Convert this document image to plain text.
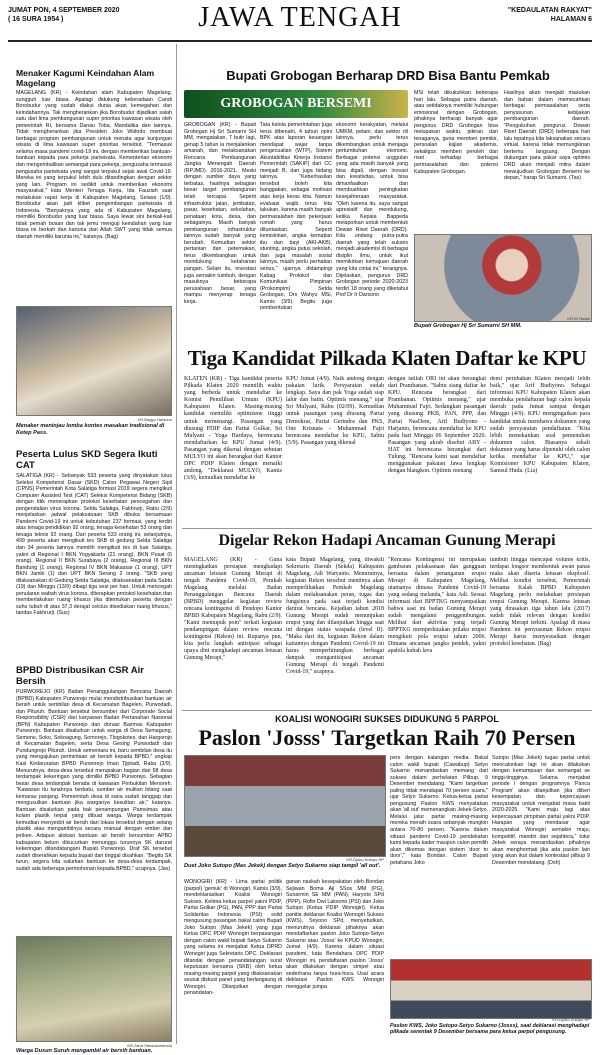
JUMAT PON, 4 SEPTEMBER 2020
( 16 SURA 1954 )	JAWA TENGAH	"KEDAULATAN RAKYAT"
HALAMAN 6
Menaker Kagumi Keindahan Alam Magelang
MAGELANG (KR) - Keindahan alam Kabupaten Magelang, sungguh luar biasa. Apalagi didukung keberadaan Candi Borobudur yang sudah diakui dunia akan kemegahan dan keindahannya. Tak mengherankan jika Borobudur dijadikan salah satu dari lima pembangunan super prioritas kawasan wisata oleh pemerintah RI, bersama Danau Toba, Mandalika dan lainnya. Tidak mengherankan jika Presiden Joko Widodo membuat berbagai program pembangunan untuk menata agar kunjungan wisata di lima kawasan super prioritas tersebut. "Termasuk selama masa pandemi covid-19 ini, dengan memberikan bantuan-bantuan kepada para pekerja pariwisata. Kementerian ekonomi dan mengembalikan semangat para pekerja, pengusaha termasuk pengusaha pariwisata yang sangat terpukul sejak awal Covid-19. Mereka ini yang terpukul lebih dulu ditandingkan dengan sektor yang lain. Program ini sedikit untuk memberikan ekonomi masyarakat," kata Menteri Tenaga Kerja, Ida Fauziah saat melakukan rapat kerja di Kabupaten Magelang, Selasa (1/9). Borobudur akan jadi klibet pengembangan pariwisata di Indonesia. "Banyaknya yang ada di Kabupaten Magelang, memiliki Borobudur yang luar biasa. Saya lewat sini berkali-kali tidak pernah bosan dan tak jemu menguji keindahan yang luar biasa ini berkah dan karunia dari Allah SWT yang tidak semua daerah memiliki karunia ini," katanya. (Bag)
KR-Bagyo Harsono
Menaker meninjau lomba kontes masakan tradisional di Ketep Pass.
Peserta Lulus SKD Segera Ikuti CAT
SALATIGA (KR) - Sebanyak 533 peserta yang dinyatakan lulus Seleksi Kompetensi Dasar (SKD) Calon Pegawai Negeri Sipil (CPNS) Pemerintah Kota Salatiga formasi 2019 segera mengikuti Computer Assisted Test (CAT) Seleksi Kompetensi Bidang (SKB) dengan titik menerapkan protokol kesehatan pencegahan dan pengendalian virus korona. Selda Salatiga, Fakhrurji, Rabu (2/9) menjelaskan jadwal pelaksanaan SKB dibuka bersamaan Pandemi Covid-19 ini untuk kebutuhan 237 formasi, yang terdiri atas tenaga pendidikan 92 orang, tenaga kesehatan 53 orang dan tenaga teknis 92 orang. Dari peserta 533 orang ini, selanjutnya, 499 peserta akan mengikuti tes SKB di gedung Selda Salatiga dan 34 peserta lainnya memilih mengikuti tes di luar Salatiga, yakni di Regional I BKN Yogyakarta (21 orang), BKN Pusat (6 orang), Regional II BKN Surabaya (2 orang), Regional III BKN Bandung (1 orang), Regional IV BKN Makassar (1 orang), UPT BKN Jambi (1) dan UPT BKN Serang 2 orang. "SKB yang dilaksanakan di Gedung Selda Salatiga, dilaksanakan pada Sabtu (19) dan Minggu (13/9) dibagi tiga sesi per hari. Untuk mencegah penularan wabah virus korona, diterapkan protokol kesehatan dan memberlakukan ruang khusus jika ditemukan peserta dengan suhu tubuh di atas 37,3 derajat celcius disediakan ruang khusus," tandas Fakhrurji. (Sus)
BPBD Distribusikan CSR Air Bersih
PURWOREJO (KR) Badan Penanggulangan Bencana Daerah (BPBD) Kabupaten Purworejo mulai mendistribusikan bantuan air bersih untuk sembilan desa di Kecamatan Bagelen, Purwodadi, dan Pituruh. Bantuan tersebut bersumber dari Corporate Social Responsibility (CSR) dari karyawan Badan Pertanahan Nasional (BPN) Kabupaten Purworejo dan donasi Bazmas Kabupaten Purworejo. Bantuan disalurkan untuk warga di Desa Semagung, Semono, Soko, Sokoagung, Somorejo, Tlogokotes, dan Hargorojo di Kecamatan Bagelen, serta Desa Gesing Purwodadi dan Pundungrejo Pituruh. Untuk sementara ini, baru sembilan desa itu yang mengajukan permintaan air bersih kepada BPBD," ungkap Kasi Kedaruratan BPBD Purworejo Iman Tjiptadi, Rabu (3/9). Menurutnya, desa-desa tersebut merupakan bagian dari 68 desa terdampak kekeringan yang dimiliki BPBD Purworejo. Sebagian besar desa terdampak berada di kawasan Perbukitan Menoreh. "Kawasan itu tanahnya berbatu, sumber air mulitan hilang saat kemarau panjang. Pemerintah desa di sana sudah tanggap dan mengusulkan bantuan jika warganya kesulitan air," katanya. Bantuan disalurkan pada bak penampungan Pamsimas atau kolam plastik terpal yang dibuat warga. Warga terdampak kemudian menyedot air bersih dari lokasi tersebut dengan selang plastik atau mengambilnya secara manual dengan ember dan jeriken. Adapun alokasi bantuan air bersih bersumber APBD kabupaten belum dikucurkan menunggu turunnya SK darurat kekeringan ditandatangani Bupati Purworejo. Draf SK tersebut sudah diserahkan kepada bupati dan tinggal disahkan. "Begitu SK turun, segera kita salurkan bantuan ke desa-desa terdampak, sudah ada beberapa permohonan kepada BPBD," ucapnya. (Jas)
KR-Jarot Sarwosambodo
Warga Dusun Suruh mengambil air bersih bantuan.
Bupati Grobogan Berharap DRD Bisa Bantu Pemkab
GROBOGAN BERSEMI
GROBOGAN (KR) - Bupati Grobogan Hj Sri Sumarni SH MM, mengatakan, 7 butir lagi, genap 5 tahun ia menjalankan amanah, dan melaksanakan Rencana Pembangunan Jangka Menengah Daerah (RPJMD) 2016-2021. Meski dengan sumber daya yang terbatas, hasilnya sebagian besar target pembangunan telah tercapai. Seperti infrastruktur jalan, jembatan, pasar, kesehatan, sekolahan, penataan kota, desa, dan sebagainya. Masih banyak pembangunan infrastruktur lainnya sudah banyak yang berubah. Kemudian sektor pertanian dan peternakan, terus dikembangkan untuk mendukung ketahanan pangan. Selain itu, investasi juga semakin tumbuh, dengan masuknya beberapa perusahaan besar, yang mampu menyerap tenaga kerja.
Tata kelola pemerintahan juga terus dibenahi, 4 tahun opini BPK atas laporan keuangan mendapat wajar tanpa pengecualian (WTP), Sistem Akuntabilitas Kinerja Instansi Pemerintah (SAKIP) dari CC menjadi B, dan juga bidang lainnya. "Keberhasilan tersebut boleh kita banggakan, sebagai motivasi atas kerja keras kita. Namun evaluasi wajib terus kita lakukan, karena masih banyak permasalahan dan pekerjaan rumah yang harus dituntaskan. Seperti kemiskinan, angka kematian ibu dan bayi (AKI-AKB), stunting, angka putus sekolah, dan juga masalah sosial lainnya, masih perlu perhatian serius," ujarnya didampingi Kabag Protokol dan Komunikasi Pimpinan (Prokompim) Setda Grobogan, Drs Wahyu MSi, Kamis (3/9). Begitu juga pembentukan
ekonomi kerakyatan, melalui UMKM, petani, dan sektor riil lainnya, perlu terus dikembangkan untuk menjaga pertumbuhan ekonomi. Berbagai potensi unggulan yang ada masih banyak yang bisa digali, dengan inovasi dan kreativitas, untuk bisa dimanfaatkan dan membuahkan peningkatan kesejahteraan masyarakat. "Oleh karena itu, saya sangat apresiatif dan mendukung, ketika Kepala Bappeda melaporkan untuk membentuk Dewan Riset Daerah (DRD). Kita undang putra-putra daerah yang telah sukses menjadi akademisi di berbagai disiplin ilmu, untuk ikut memikirkan kemajuan daerah yang kita cintai ini," terangnya. Dijelaskan, pengurus DRD Grobogan periode 2020-2023 terdiri 18 orang yang diketahui Prof Dr Ir Darsono
MSi telah dikukuhkan beberapa hari lalu. Sebagai putra daerah, atau setidaknya memiliki hubungan emosional dengan Grobogan, pihaknya berharap banyak agar pengurus DRD Grobogan bisa melupakan waktu, pikiran dan tenaganya, guna memberi pemikir, persoalan kajian akademis, sekaligus memberi peroleh dan riset terhadap berbagai permasalahan dan potensi Kabupaten Grobogan.
Hasilnya akan menjadi masukan dan bahan dalam memecahkan berbagai permasalahan serta penyusunan kebijakan pembangunan daerah. "Pengukuhan pengurus Dewan Riset Daerah (DRD) beberapa hari lalu tepatnya kita laksanakan secara virtual, karena tidak memungkinan bertemu langsung. Dengan dukungan para pakar saya optimis DRD akan menjadi mitra dalam mewujudkan Grobogan Bersemi ke depan," harap Sri Sumarni. (Tas)
Bupati Grobogan Hj Sri Sumarni SH MM.
KR-M Taslim
Tiga Kandidat Pilkada Klaten Daftar ke KPU
KLATEN (KR) - Tiga kandidat peserta Pilkada Klaten 2020 memilih waktu yang berbeda untuk mendaftar ke Komisi Pemilihan Umum (KPU) Kabupaten Klaten. Masing-masing kandidat memiliki optimisme tinggi untuk memenangi. Pasangan yang diusung PDIP dan Partai Golkar, Sri Mulyani - Yoga Hardaya, berencana mendaftarkan ke KPU Jumat (4/9). Pasangan yang dikenal dengan sebutan MULYO ini akan berangkat dari Kantor DPC PDIP Klaten dengan menaiki andong. "Deklarasi MULYO, Kamis (3/9), kemudian mendaftar ke
KPU Jumat (4/9). Naik andong dengan pakaian lurik. Persyaratan sudah lengkap. Saya dan pak Yoga sudah siap lahir dan batin. Optimis menang," ujar Sri Mulyani, Rabu (02/09). Kemudian untuk pasangan yang diusung Partai Demokrat, Partai Gerindra dan PKS, One Krisnata - Muhammad Fajri berencana mendaftar ke KPU, Sabtu (5/9). Pasangan yang dikenal
dengan istilah ORI ini akan berangkat dari Prambanan. "Sabtu siang daftar ke KPU. Rencana berangkat dari Prambanan. Optimis menang," ujar Muhammad Fajri. Sedangkan pasangan yang diusung PKB, PAN, PPP, dan Partai NasDem, Arif Budiyono - Harjanto, berencana mendaftar ke KPU pada hari Minggu 06 September 2020. Pasangan yang akrab disebut ABY - HAT ini berencana berangkat dari Tulung. "Rencana kami saat mendaftar menggunakan pakaian Jawa lengkap dengan blangkon. Optimis menang
demi perubahan Klaten menjadi lebih baik," ujar Arif Budiyono. Sebagai informasi KPU Kabupaten Klaten akan membuka pendaftaran bagi calon kepala daerah pada Jumat sampai dengan Minggu (4/9). KPU mengingatkan para kandidat untuk membawa dokumen yang sudah persyaratan pendaftaran. "Kita lebih menekankan soal pemenuhan dokumen calon. Biasanya sekali dokumen yang harus dipenuhi oleh calon ketika mendaftar ke KPU," ujar Komisioner KPU Kabupaten Klaten, Samsul Huda. (Lia)
Digelar Rekon Hadapi Ancaman Gunung Merapi
MAGELANG (KR) - Guna meningkatkan persiapan menghadapi ancaman letusan Gunung Merapi di tengah Pandemi Covid-19, Pemkab Magelang melalui Badan Penanggulangan Bencana Daerah (BPBD) menggelar kegiatan review rencana kontingensi di Pendopo Kantor BPBD Kabupaten Magelang, Rabu (2/9). "Kami memupuk poin" terkait kegiatan pendampingan dalam review rencana kontingensi (Rekon) ini. Rupanya pun, kita perlu langkah antisipasi sebagai upaya dini menghadapi ancaman letusan Gunung Merapi,"
kata Bupati Magelang, yang diwakili Sekretaris Daerah (Sekda) Kabupaten Magelang, Adi Waryanto. Menurutnya, kegiatan Rekon tersebut mentinya akan memperlihatkan Pemkab Magelang dalam melaksanakan peran, tugas dan fungsinya pada saat terjadi kondisi darurat bencana. Kejadian tahun 2018 Gunung Merapi sudah menunjukan erupsi yang dan dilanjutkan hingga saat ini dengan status waspada (level II). "Maka dari itu, kegiatan Rekon dalam kaitannya dengan Pandemi Covid-19 ini harus memperhitungkan berbagai dampak mengantisipasi ancaman Gunung Merapi di tengah Pandemi Covid-19," ucapnya.
"Rencana Kontingensi ini merupakan gambaran pelaksanaan dan gangguan bersama dalam penanganan erupsi Merapi di Kabupaten Magelang, utamanya dimasa Pandemi Covid-19 yang sedang melanda," kata Adi. Sesuai informasi dari BPPTKG menyampaikan bahwa saat ini badan Gunung Merapi sudah mengalami penggembungan. Melihat dari aktivitas yang terjadi BPPTKG memperkirakan prilaku erupsi mengikuti pola erupsi tahun 2006. Dimana ancaman jangka pendek, yakni apabila kubah lava
tumbuh hingga mencapai volume kritis, terdapat longsor membentuk awan panas maka akan diserta letusan eksplosif. Melihat kondisi tersebut, Pemerintah bersama Kalak BPBD Kabupaten Magelang perlu melakukan persiapan erupsi Gunung Merapi. Karena letusan yang dirasakan tiga tahun lalu (2017) sudah tidak relevan dengan kondisi Gunung Merapi terkini. Apalagi di masa Pandemi ini penyusunan Rekon erupsi Merapi harus menyesuaikan dengan protokol kesehatan. (Bag)
KOALISI WONOGIRI SUKSES DIDUKUNG 5 PARPOL
Paslon 'Josss' Targetkan Raih 70 Persen
KR-Djoko Sutopo HP
Duet Joko Sutopo (Mas Jekek) dengan Setyo Sukarno siap tampil 'all out'.
WONOGIRI (KR) - Lima partai politik (parpol) 'gemuk' di Wonogiri, Kamis (3/9), mendeklarasikan Koalisi Wonogiri Sukses. Ketima ketua parpol yakni PDIP, Partai Golkar (PG), PAN, PPP dan Partai Solidaritas Indonesia (PSI) solid mengusung pasangan bakal calon Bupati Joko Sutopo (Mas Jekek) yang juga Ketua DPC PDIP Wonogiri berpasangan dengan calon wakil bupati Setyo Sukarno yang selama ini menjabat Ketua DPRD Wonogiri juga Sekretaris DPC. Deklarasi ditandai dengan penandatangan surat keputusan bersama (SKB) oleh ketua masing-masing parpol yang dilaksanakan seusai diskusi panel yang berlangsung di Wonogiri. Dilanjutkan dengan penandatan-
ganan naskah kesepakatan oleh Bondan Sejiwan Boma Aji SSos MM (PG), Sunarmin SE MM (PAN), Haryoto SPd (PPP), Rofin Dwi Laksono (PSI) dan Joko Sutopo (Ketua PDIP Wonogiri). Ketua panitia deklarasi Koalisi Wonogiri Sukses (KWS), Sriyono SPd, menyebutkan, menurutnya deklarasi pihaknya akan mendaftarkan paslon Joko Sutopo-Setyo Sukarno atau 'Josss' ke KPUD Wonogiri, Jumat (4/9). Karena dalam situasi pandemi, kata Bendahara DPC PDIP Wonogiri ini, pendaftaran paslon 'Josss' akan dilakukan dengan simpel atau sederhana tanpa hura-hura. Usai acara deklarasi Paslon KWS Wonogiri menggelar jumpa
pers dengan kalangan media. Bakal calon wakil bupati (Cawabup) Setyo Sukarno menandaskan memang dari sukses dalam perhelatan Pilbup, 9 Desember mendatang. "Kami targetkan paling tidak mendapat 70 persen suara," ujar Setyo Sukarno. Ketua-ketua partai pengusung Paslon KWS menyatakan akan 'all out' memenangkan Jekek-Setyo. Melalui jalur partai masing-masing mereka meraih suara sebanyak mungkin antara 70-80 persen. "Karena dalam situasi pandemi Covid-19 pendekatan kami kepada kader maupun calon pemilih akan dikemas dengan sistem 'door to door'," kata Bondan. Calon Bupati petahana Joko
Sutopo (Mas Jekek) tugas partai untuk mencalonkan lagi ini akan dilakukan dengan kemampuan dan semangat se tinggi-tingginya. Selama menjabat periode I dengan programnya 'Panca Program' akan dilanjutkan jika diberi kesempatan dan kepercayaan masyarakat untuk menjabat masa bakti 2020-2025. "Kami maju lagi atas kepercayaan pimpinan partai yakni PDIP. Harapan yang mendasar agar masyarakat Wonogiri semakin maju, kompetitif, mandiri dan sejahtera," tutur Jekek seraya menandaskan pihaknya akan menghormati jika ada paslon lain yang akan ikut dalam kontestasi pilbup 9 Desember mendatang. (Dsh)
KR-Djoko Sutopo HP
Paslon KWS, Joko Sutopo-Setyo Sukarno (Josss), saat deklarasi menghadapi pilkada serentak 9 Desember bersama para ketua parpol pengusung.
